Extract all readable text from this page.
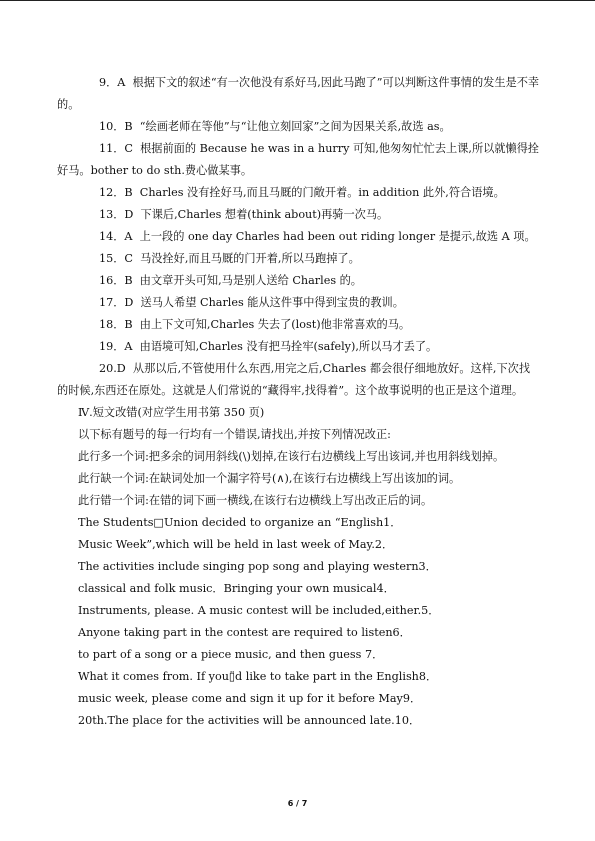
9．A 根据下文的叙述“有一次他没有系好马,因此马跑了”可以判断这件事情的发生是不幸的。

10．B “绘画老师在等他”与“让他立刻回家”之间为因果关系,故选 as。

11．C 根据前面的 Because he was in a hurry 可知,他匆匆忙忙去上课,所以就懒得拴好马。bother to do sth.费心做某事。

12．B Charles 没有拴好马,而且马厩的门敞开着。in addition 此外,符合语境。

13．D 下课后,Charles 想着(think about)再骑一次马。

14．A 上一段的 one day Charles had been out riding longer 是提示,故选 A 项。

15．C 马没拴好,而且马厩的门开着,所以马跑掉了。

16．B 由文章开头可知,马是别人送给 Charles 的。

17．D 送马人希望 Charles 能从这件事中得到宝贵的教训。

18．B 由上下文可知,Charles 失去了(lost)他非常喜欢的马。

19．A 由语境可知,Charles 没有把马拴牢(safely),所以马才丢了。

20.D 从那以后,不管使用什么东西,用完之后,Charles 都会很仔细地放好。这样,下次找的时候,东西还在原处。这就是人们常说的“藏得牢,找得着”。这个故事说明的也正是这个道理。

Ⅳ.短文改错(对应学生用书第 350 页)

以下标有题号的每一行均有一个错误,请找出,并按下列情况改正:

此行多一个词:把多余的词用斜线(\)划掉,在该行右边横线上写出该词,并也用斜线划掉。

此行缺一个词:在缺词处加一个漏字符号(∧),在该行右边横线上写出该加的词。

此行错一个词:在错的词下画一横线,在该行右边横线上写出改正后的词。

The Students□Union decided to organize an “English1．

Music Week”,which will be held in last week of May.2．

The activities include singing pop song and playing western3．

classical and folk music．Bringing your own musical4．

Instruments, please. A music contest will be included,either.5．

Anyone taking part in the contest are required to listen6．

to part of a song or a piece music, and then guess 7．

What it comes from. If you▯̈d like to take part in the English8．

music week, please come and sign it up for it before May9．

20th.The place for the activities will be announced late.10．

6 / 7
